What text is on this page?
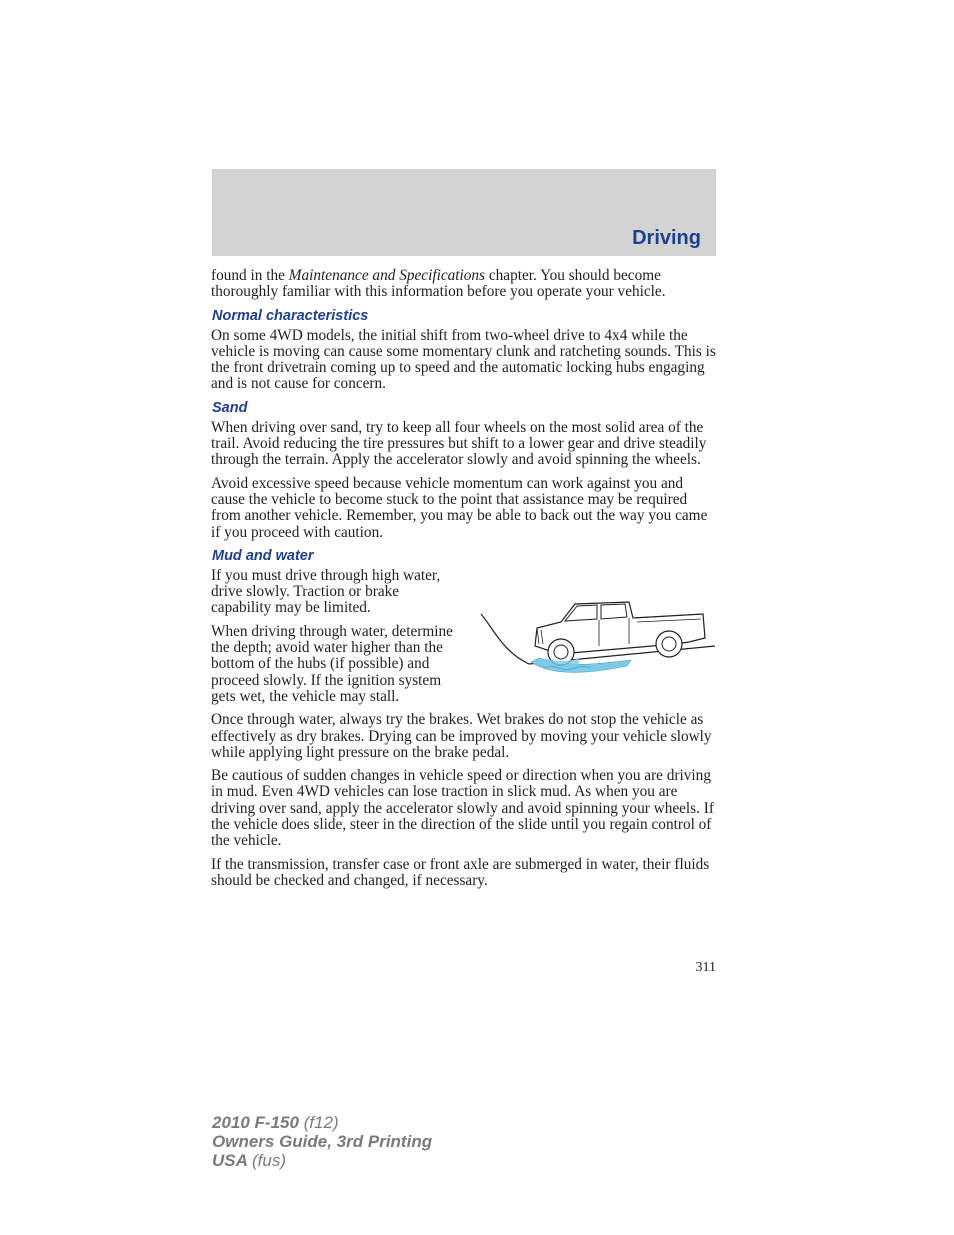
Driving

found in the Maintenance and Specifications chapter. You should become thoroughly familiar with this information before you operate your vehicle.

Normal characteristics

On some 4WD models, the initial shift from two-wheel drive to 4x4 while the vehicle is moving can cause some momentary clunk and ratcheting sounds. This is the front drivetrain coming up to speed and the automatic locking hubs engaging and is not cause for concern.

Sand

When driving over sand, try to keep all four wheels on the most solid area of the trail. Avoid reducing the tire pressures but shift to a lower gear and drive steadily through the terrain. Apply the accelerator slowly and avoid spinning the wheels.

Avoid excessive speed because vehicle momentum can work against you and cause the vehicle to become stuck to the point that assistance may be required from another vehicle. Remember, you may be able to back out the way you came if you proceed with caution.

Mud and water

If you must drive through high water, drive slowly. Traction or brake capability may be limited.

When driving through water, determine the depth; avoid water higher than the bottom of the hubs (if possible) and proceed slowly. If the ignition system gets wet, the vehicle may stall.

Once through water, always try the brakes. Wet brakes do not stop the vehicle as effectively as dry brakes. Drying can be improved by moving your vehicle slowly while applying light pressure on the brake pedal.

Be cautious of sudden changes in vehicle speed or direction when you are driving in mud. Even 4WD vehicles can lose traction in slick mud. As when you are driving over sand, apply the accelerator slowly and avoid spinning your wheels. If the vehicle does slide, steer in the direction of the slide until you regain control of the vehicle.

If the transmission, transfer case or front axle are submerged in water, their fluids should be checked and changed, if necessary.

311
2010 F-150 (f12)
Owners Guide, 3rd Printing
USA (fus)
